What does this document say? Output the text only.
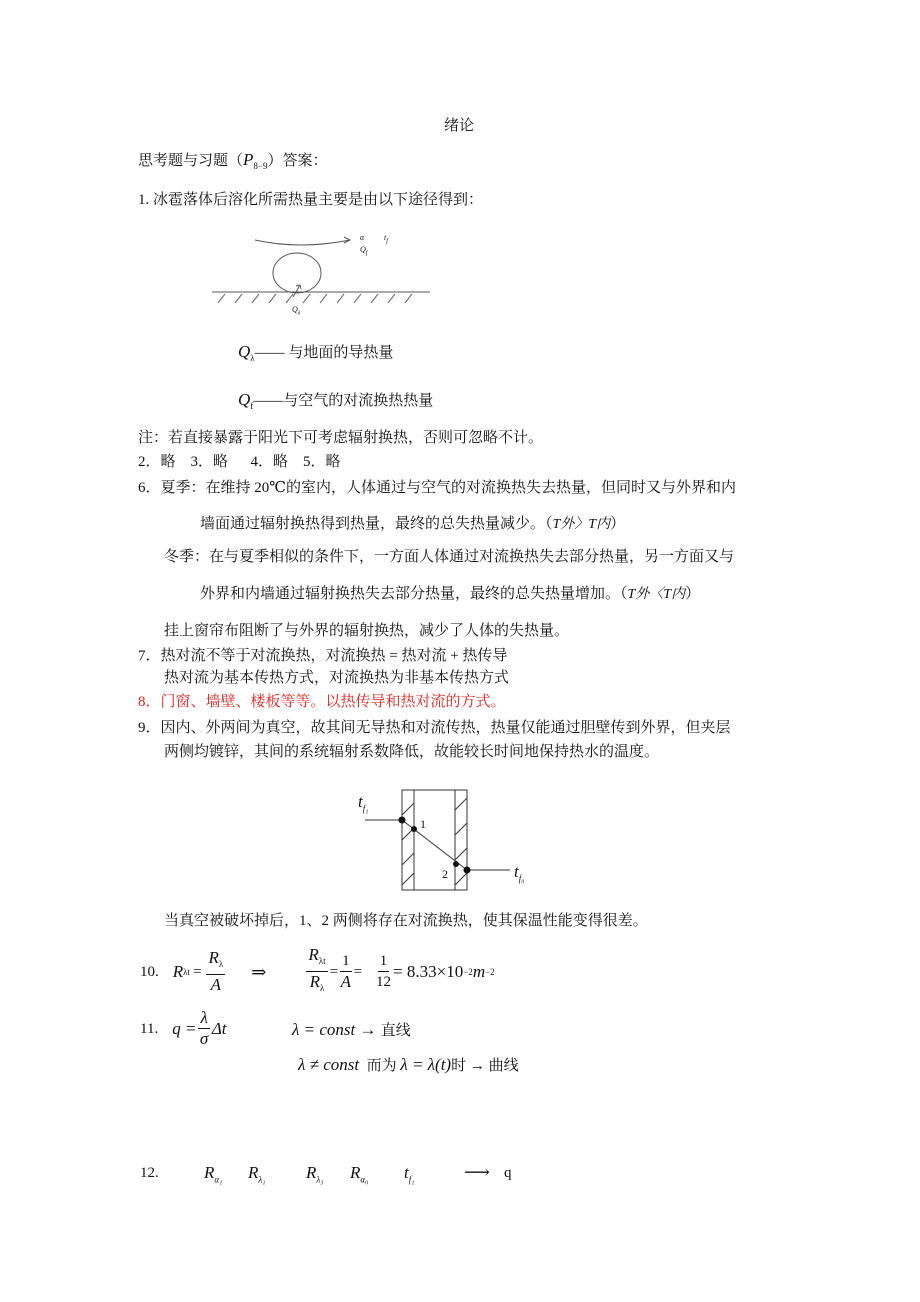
绪论
思考题与习题$(P_{8-9})$答案：
1. 冰雹落体后溶化所需热量主要是由以下途径得到：
α $t_f$
$Q_f$
$Q_\lambda$
$Q_\lambda——$ 与地面的导热量
$Q_f——$与空气的对流换热热量
注：若直接暴露于阳光下可考虑辐射换热，否则可忽略不计。
2．略    3．略      4．略    5．略
6．夏季：在维持 20℃的室内，人体通过与空气的对流换热失去热量，但同时又与外界和内
墙面通过辐射换热得到热量，最终的总失热量减少。（T外〉T内）
冬季：在与夏季相似的条件下，一方面人体通过对流换热失去部分热量，另一方面又与
外界和内墙通过辐射换热失去部分热量，最终的总失热量增加。（T外〈T内）
挂上窗帘布阻断了与外界的辐射换热，减少了人体的失热量。
7．热对流不等于对流换热，对流换热 = 热对流 + 热传导
热对流为基本传热方式，对流换热为非基本传热方式
8．门窗、墙壁、楼板等等。以热传导和热对流的方式。
9．因内、外两间为真空，故其间无导热和对流传热，热量仅能通过胆壁传到外界，但夹层
两侧均镀锌，其间的系统辐射系数降低，故能较长时间地保持热水的温度。
$t_{f_1}$
1
2	$t_{f_0}$
当真空被破坏掉后，1、2 两侧将存在对流换热，使其保温性能变得很差。
10. R $\lambda t = \frac{R_\lambda}{A}$ ⇒ $\frac{R_{\lambda t}}{R_\lambda} = \frac{1}{A} = \frac{1}{12} = 8.33\times 10 -2$ m −2
11. $q = \frac{\lambda}{\sigma}$ Δt	λ = const → 直线
λ ≠ const  而为 λ = λ(t)时 → 曲线
12.	$R_{\alpha_1}$ $R_{\lambda_1}$ $R_{\lambda_3}$ $R_{\alpha_0}$ $t_{f_1}$	⟶ q
